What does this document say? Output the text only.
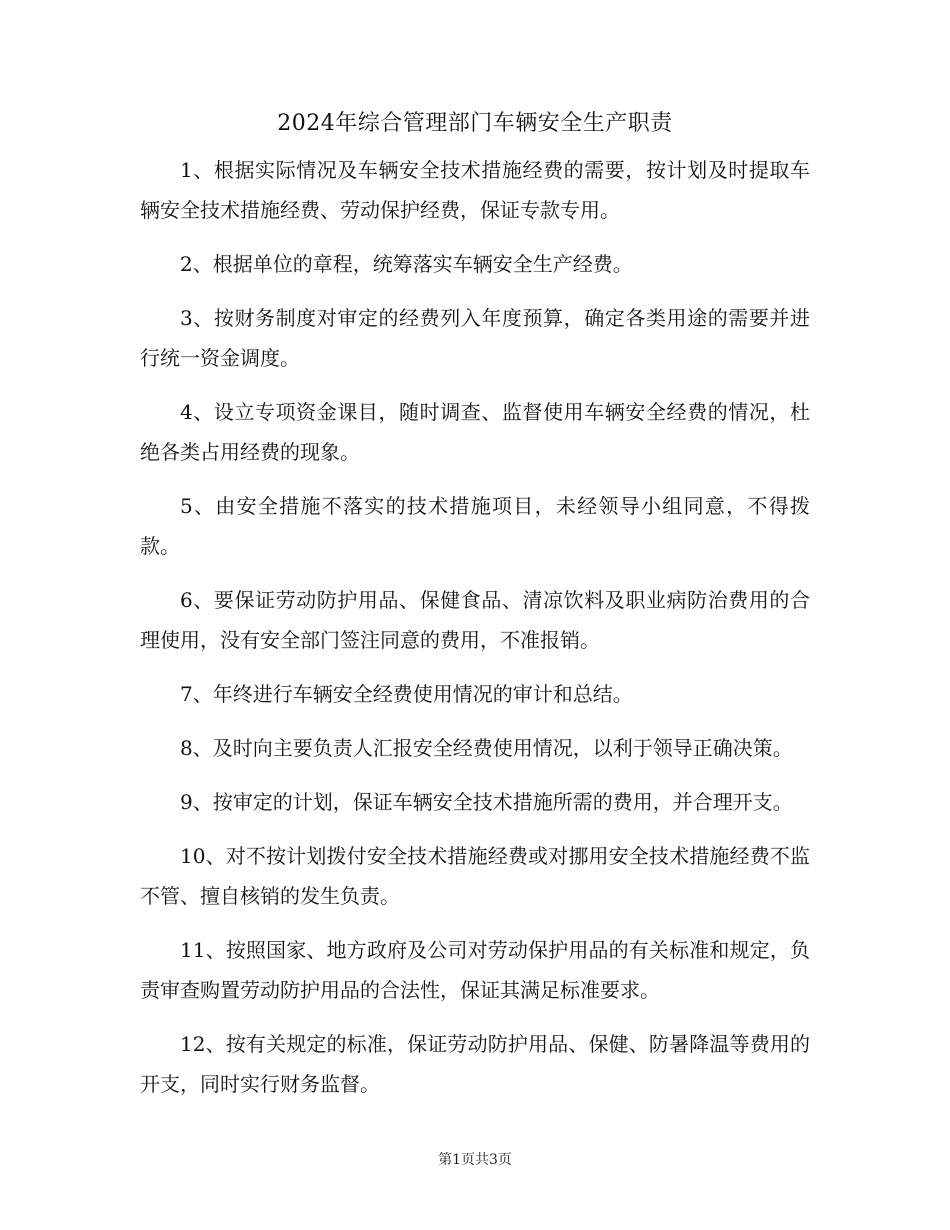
2024年综合管理部门车辆安全生产职责

1、根据实际情况及车辆安全技术措施经费的需要，按计划及时提取车辆安全技术措施经费、劳动保护经费，保证专款专用。

2、根据单位的章程，统筹落实车辆安全生产经费。

3、按财务制度对审定的经费列入年度预算，确定各类用途的需要并进行统一资金调度。

4、设立专项资金课目，随时调查、监督使用车辆安全经费的情况，杜绝各类占用经费的现象。

5、由安全措施不落实的技术措施项目，未经领导小组同意，不得拨款。

6、要保证劳动防护用品、保健食品、清凉饮料及职业病防治费用的合理使用，没有安全部门签注同意的费用，不准报销。

7、年终进行车辆安全经费使用情况的审计和总结。

8、及时向主要负责人汇报安全经费使用情况，以利于领导正确决策。

9、按审定的计划，保证车辆安全技术措施所需的费用，并合理开支。

10、对不按计划拨付安全技术措施经费或对挪用安全技术措施经费不监不管、擅自核销的发生负责。

11、按照国家、地方政府及公司对劳动保护用品的有关标准和规定，负责审查购置劳动防护用品的合法性，保证其满足标准要求。

12、按有关规定的标准，保证劳动防护用品、保健、防暑降温等费用的开支，同时实行财务监督。

第1页共3页
